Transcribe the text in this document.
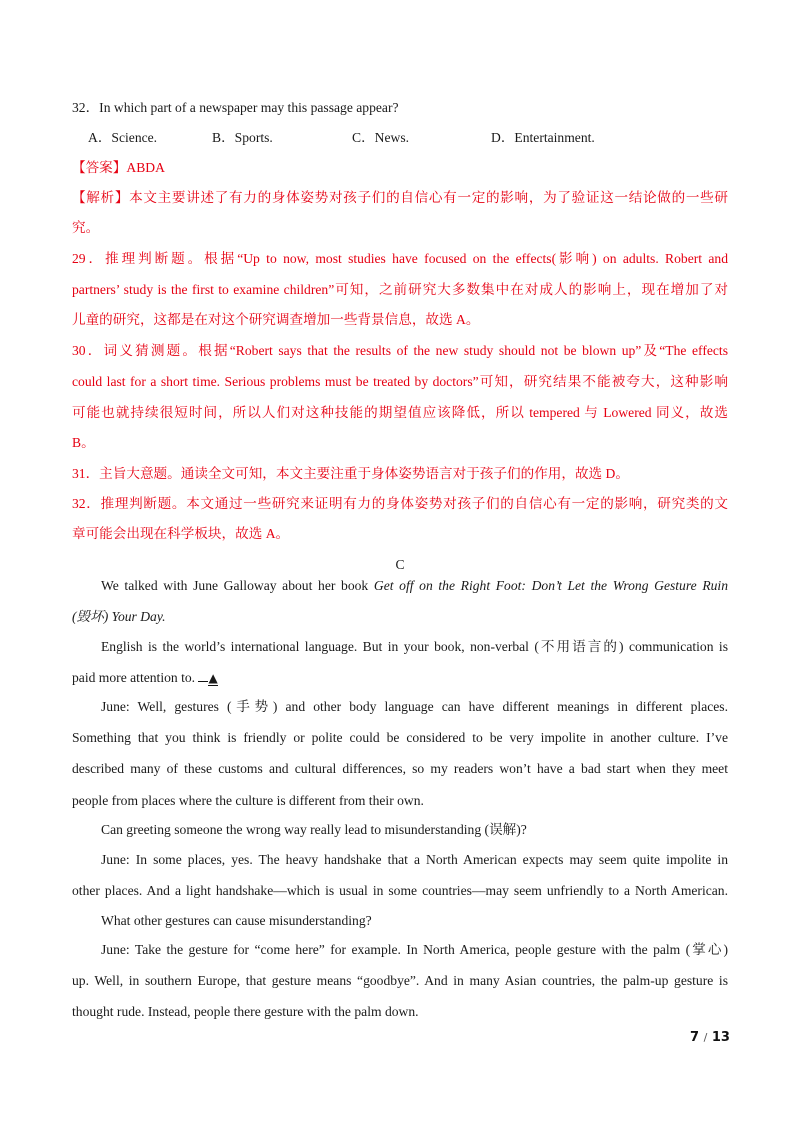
32．In which part of a newspaper may this passage appear?
A．Science.	B．Sports.	C．News.	D．Entertainment.
【答案】ABDA
【解析】本文主要讲述了有力的身体姿势对孩子们的自信心有一定的影响，为了验证这一结论做的一些研
究。
29．推理判断题。根据“Up to now, most studies have focused on the effects(影响) on adults. Robert and
partners’ study is the first to examine children”可知，之前研究大多数集中在对成人的影响上，现在增加了对
儿童的研究，这都是在对这个研究调查增加一些背景信息，故选 A。
30．词义猜测题。根据“Robert says that the results of the new study should not be blown up”及“The effects
could last for a short time. Serious problems must be treated by doctors”可知，研究结果不能被夸大，这种影响
可能也就持续很短时间，所以人们对这种技能的期望值应该降低，所以 tempered 与 Lowered 同义，故选
B。
31．主旨大意题。通读全文可知，本文主要注重于身体姿势语言对于孩子们的作用，故选 D。
32．推理判断题。本文通过一些研究来证明有力的身体姿势对孩子们的自信心有一定的影响，研究类的文
章可能会出现在科学板块，故选 A。
C
We talked with June Galloway about her book Get off on the Right Foot: Don’t Let the Wrong Gesture Ruin
(毁坏) Your Day.
English is the world’s international language. But in your book, non-verbal (不用语言的) communication is
paid more attention to. ▲
June: Well, gestures (手势) and other body language can have different meanings in different places.
Something that you think is friendly or polite could be considered to be very impolite in another culture. I’ve
described many of these customs and cultural differences, so my readers won’t have a bad start when they meet
people from places where the culture is different from their own.
Can greeting someone the wrong way really lead to misunderstanding (误解)?
June: In some places, yes. The heavy handshake that a North American expects may seem quite impolite in
other places. And a light handshake―which is usual in some countries—may seem unfriendly to a North American.
What other gestures can cause misunderstanding?
June: Take the gesture for “come here” for example. In North America, people gesture with the palm (掌心)
up. Well, in southern Europe, that gesture means “goodbye”. And in many Asian countries, the palm-up gesture is
thought rude. Instead, people there gesture with the palm down.
7 / 13
